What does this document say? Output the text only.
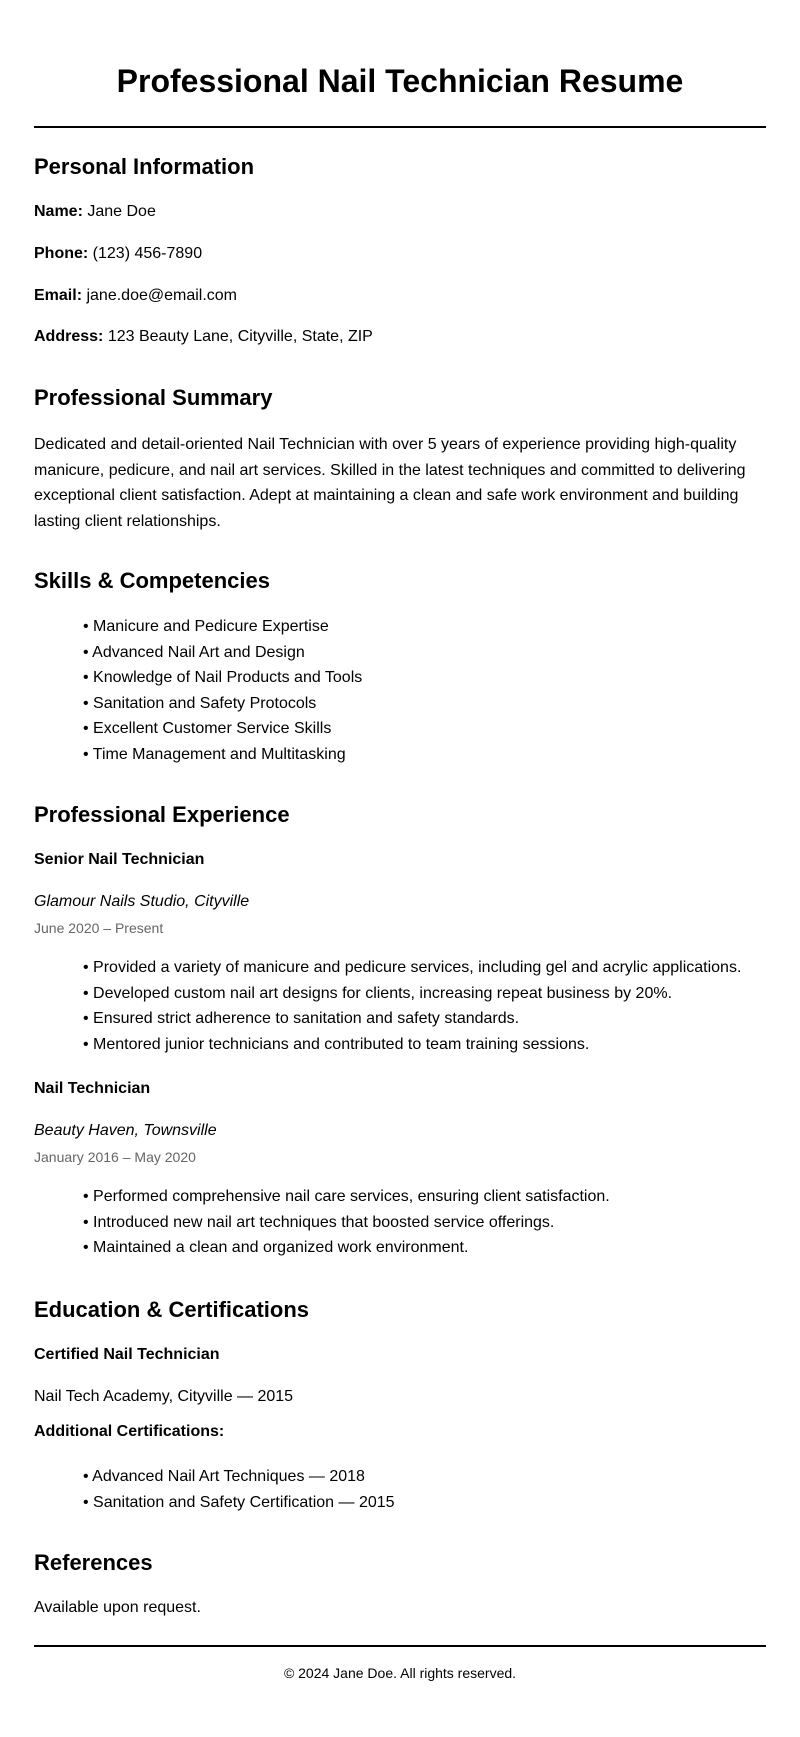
Professional Nail Technician Resume
Personal Information

Name: Jane Doe

Phone: (123) 456-7890

Email: jane.doe@email.com

Address: 123 Beauty Lane, Cityville, State, ZIP

Professional Summary

Dedicated and detail-oriented Nail Technician with over 5 years of experience providing high-quality manicure, pedicure, and nail art services. Skilled in the latest techniques and committed to delivering exceptional client satisfaction. Adept at maintaining a clean and safe work environment and building lasting client relationships.

Skills & Competencies
• Manicure and Pedicure Expertise
• Advanced Nail Art and Design
• Knowledge of Nail Products and Tools
• Sanitation and Safety Protocols
• Excellent Customer Service Skills
• Time Management and Multitasking
Professional Experience

Senior Nail Technician

Glamour Nails Studio, Cityville

June 2020 – Present

• Provided a variety of manicure and pedicure services, including gel and acrylic applications.
• Developed custom nail art designs for clients, increasing repeat business by 20%.
• Ensured strict adherence to sanitation and safety standards.
• Mentored junior technicians and contributed to team training sessions.

Nail Technician

Beauty Haven, Townsville

January 2016 – May 2020

• Performed comprehensive nail care services, ensuring client satisfaction.
• Introduced new nail art techniques that boosted service offerings.
• Maintained a clean and organized work environment.
Education & Certifications

Certified Nail Technician

Nail Tech Academy, Cityville — 2015

Additional Certifications:

• Advanced Nail Art Techniques — 2018
• Sanitation and Safety Certification — 2015
References

Available upon request.

© 2024 Jane Doe. All rights reserved.
